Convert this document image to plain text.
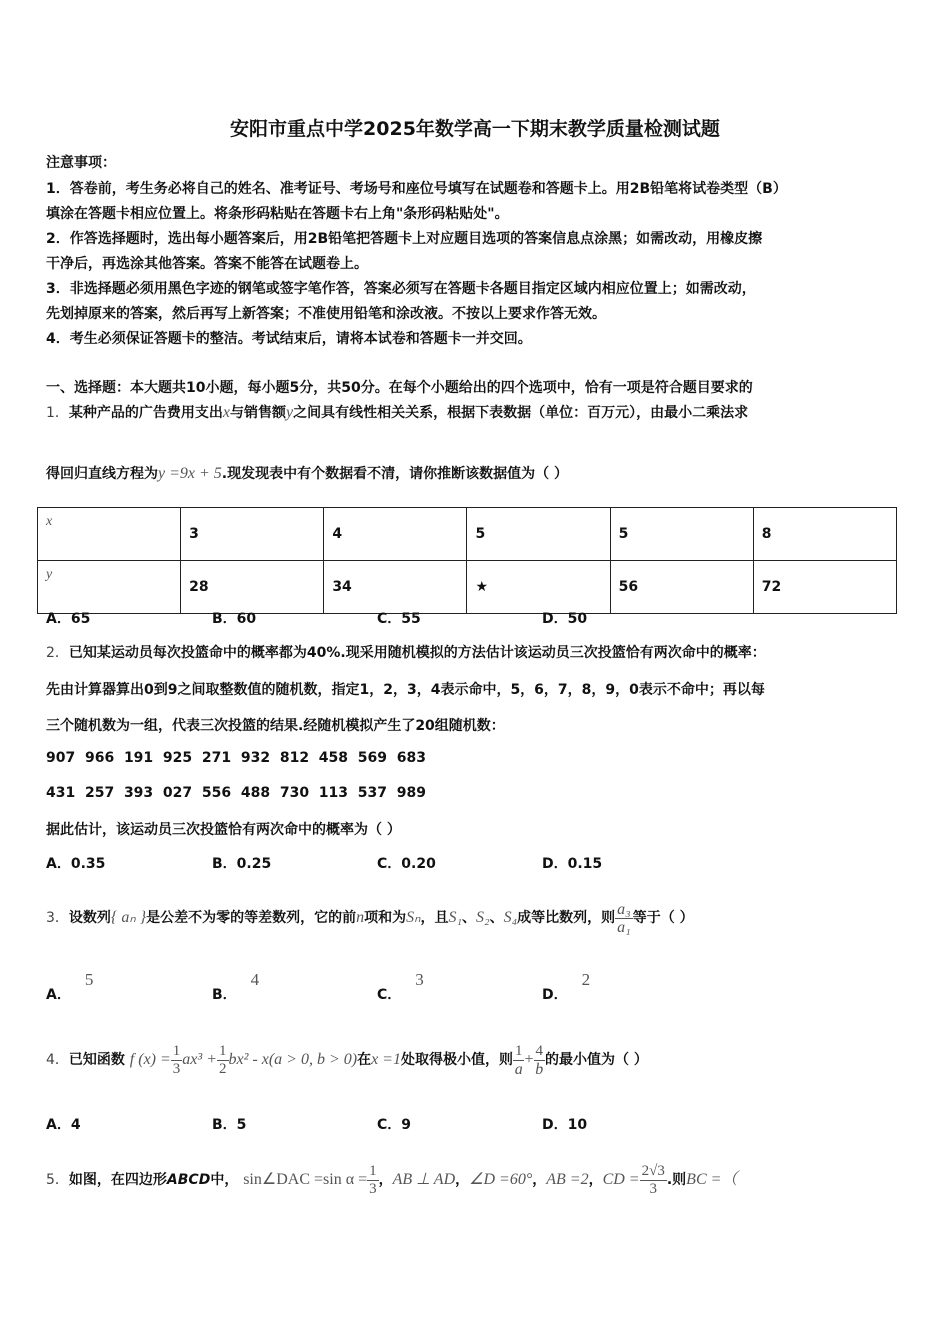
安阳市重点中学2025年数学高一下期末教学质量检测试题
注意事项：
1．答卷前，考生务必将自己的姓名、准考证号、考场号和座位号填写在试题卷和答题卡上。用2B铅笔将试卷类型（B）
填涂在答题卡相应位置上。将条形码粘贴在答题卡右上角"条形码粘贴处"。
2．作答选择题时，选出每小题答案后，用2B铅笔把答题卡上对应题目选项的答案信息点涂黑；如需改动，用橡皮擦
干净后，再选涂其他答案。答案不能答在试题卷上。
3．非选择题必须用黑色字迹的钢笔或签字笔作答，答案必须写在答题卡各题目指定区域内相应位置上；如需改动，
先划掉原来的答案，然后再写上新答案；不准使用铅笔和涂改液。不按以上要求作答无效。
4．考生必须保证答题卡的整洁。考试结束后，请将本试卷和答题卡一并交回。
一、选择题：本大题共10小题，每小题5分，共50分。在每个小题给出的四个选项中，恰有一项是符合题目要求的
1．某种产品的广告费用支出x与销售额y之间具有线性相关关系，根据下表数据（单位：百万元），由最小二乘法求
得回归直线方程为y =9x + 5.现发现表中有个数据看不清，请你推断该数据值为（ ）
x	3	4	5	5	8
y	28	34	★	56	72
A．65	B．60	C．55	D．50
2．已知某运动员每次投篮命中的概率都为40%.现采用随机模拟的方法估计该运动员三次投篮恰有两次命中的概率：
先由计算器算出0到9之间取整数值的随机数，指定1，2，3，4表示命中，5，6，7，8，9，0表示不命中；再以每
三个随机数为一组，代表三次投篮的结果.经随机模拟产生了20组随机数：
907  966  191  925  271  932  812  458  569  683
431  257  393  027  556  488  730  113  537  989
据此估计，该运动员三次投篮恰有两次命中的概率为（ ）
A．0.35	B．0.25	C．0.20	D．0.15
3．设数列{ aₙ }是公差不为零的等差数列，它的前n项和为Sₙ，且S₁、S₂、S₄成等比数列，则 $\frac{\text{a₃}}{\text{a₁}}$ 等于（ ）
A．5
B．4
C．3
D．2
4．已知函数 f $(x) = \frac{1}{3} ax^3 + \frac{1}{2} bx^2 - x(a > 0$, b > 0)在x =1处取得极小值，则 $\frac{1}{a} + \frac{4}{b}$ 的最小值为（ ）
A．4	B．5	C．9	D．10
5．如图，在四边形ABCD中， sin∠DAC =sin $\alpha = \frac{1}{3}$ ，AB ⊥ AD，∠D =60°，AB =2，CD = $\frac{2√3}{3}$ .则BC =（
